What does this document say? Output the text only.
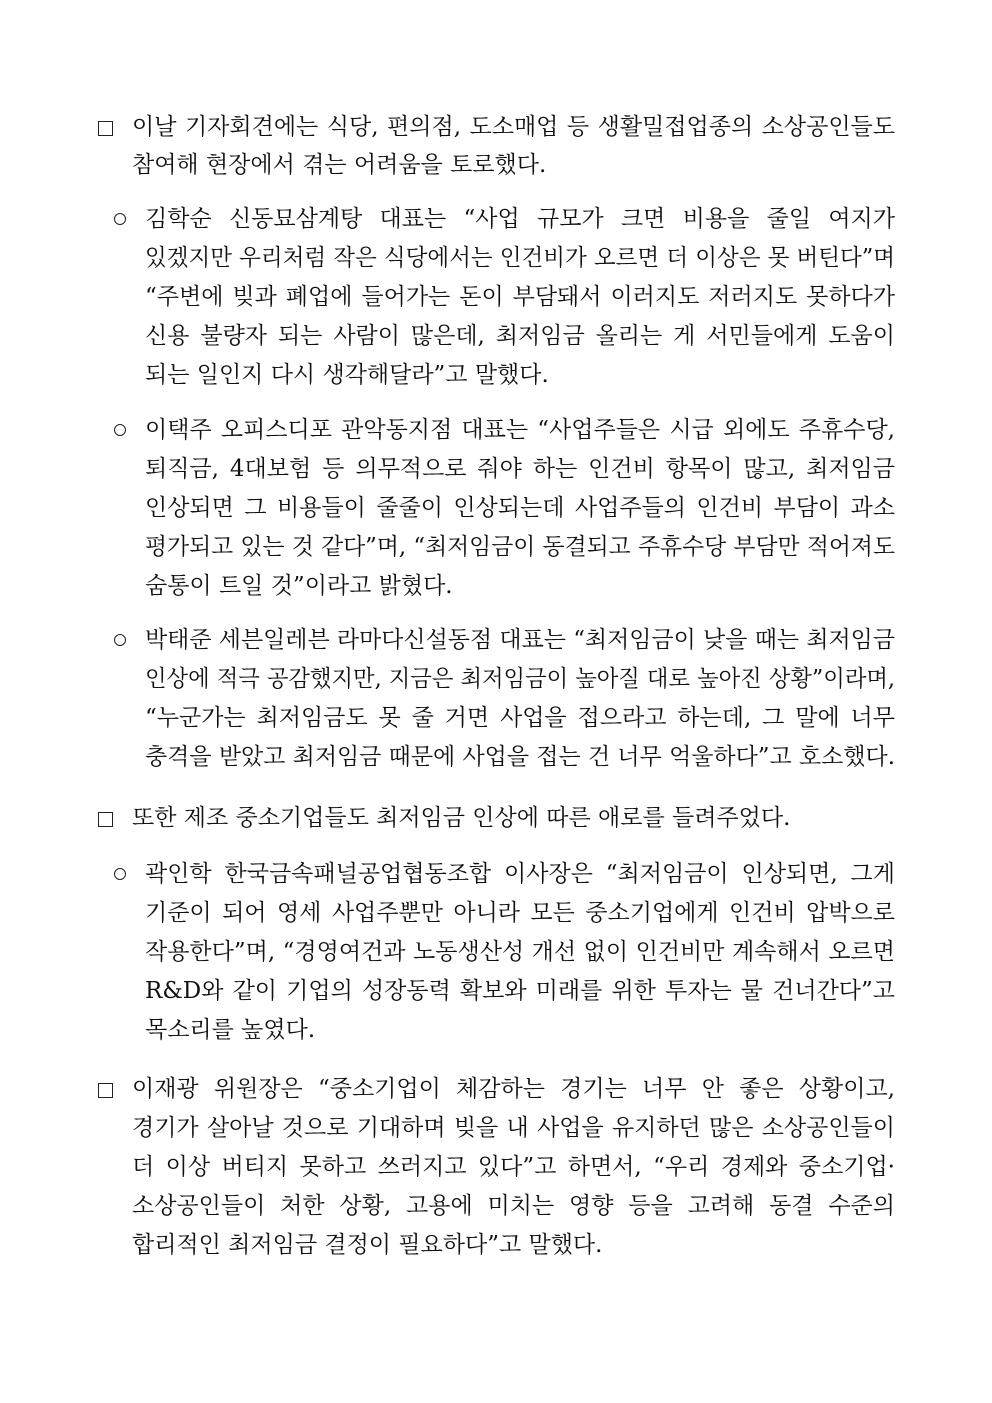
이날 기자회견에는 식당, 편의점, 도소매업 등 생활밀접업종의 소상공인들도
참여해 현장에서 겪는 어려움을 토로했다.
김학순 신동묘삼계탕 대표는 “사업 규모가 크면 비용을 줄일 여지가
있겠지만 우리처럼 작은 식당에서는 인건비가 오르면 더 이상은 못 버틴다”며
“주변에 빚과 폐업에 들어가는 돈이 부담돼서 이러지도 저러지도 못하다가
신용 불량자 되는 사람이 많은데, 최저임금 올리는 게 서민들에게 도움이
되는 일인지 다시 생각해달라”고 말했다.
이택주 오피스디포 관악동지점 대표는 “사업주들은 시급 외에도 주휴수당,
퇴직금, 4대보험 등 의무적으로 줘야 하는 인건비 항목이 많고, 최저임금
인상되면 그 비용들이 줄줄이 인상되는데 사업주들의 인건비 부담이 과소
평가되고 있는 것 같다”며, “최저임금이 동결되고 주휴수당 부담만 적어져도
숨통이 트일 것”이라고 밝혔다.
박태준 세븐일레븐 라마다신설동점 대표는 “최저임금이 낮을 때는 최저임금
인상에 적극 공감했지만, 지금은 최저임금이 높아질 대로 높아진 상황”이라며,
“누군가는 최저임금도 못 줄 거면 사업을 접으라고 하는데, 그 말에 너무
충격을 받았고 최저임금 때문에 사업을 접는 건 너무 억울하다”고 호소했다.
또한 제조 중소기업들도 최저임금 인상에 따른 애로를 들려주었다.
곽인학 한국금속패널공업협동조합 이사장은 “최저임금이 인상되면, 그게
기준이 되어 영세 사업주뿐만 아니라 모든 중소기업에게 인건비 압박으로
작용한다”며, “경영여건과 노동생산성 개선 없이 인건비만 계속해서 오르면
R&D와 같이 기업의 성장동력 확보와 미래를 위한 투자는 물 건너간다”고
목소리를 높였다.
이재광 위원장은 “중소기업이 체감하는 경기는 너무 안 좋은 상황이고,
경기가 살아날 것으로 기대하며 빚을 내 사업을 유지하던 많은 소상공인들이
더 이상 버티지 못하고 쓰러지고 있다”고 하면서, “우리 경제와 중소기업·
소상공인들이 처한 상황, 고용에 미치는 영향 등을 고려해 동결 수준의
합리적인 최저임금 결정이 필요하다”고 말했다.
